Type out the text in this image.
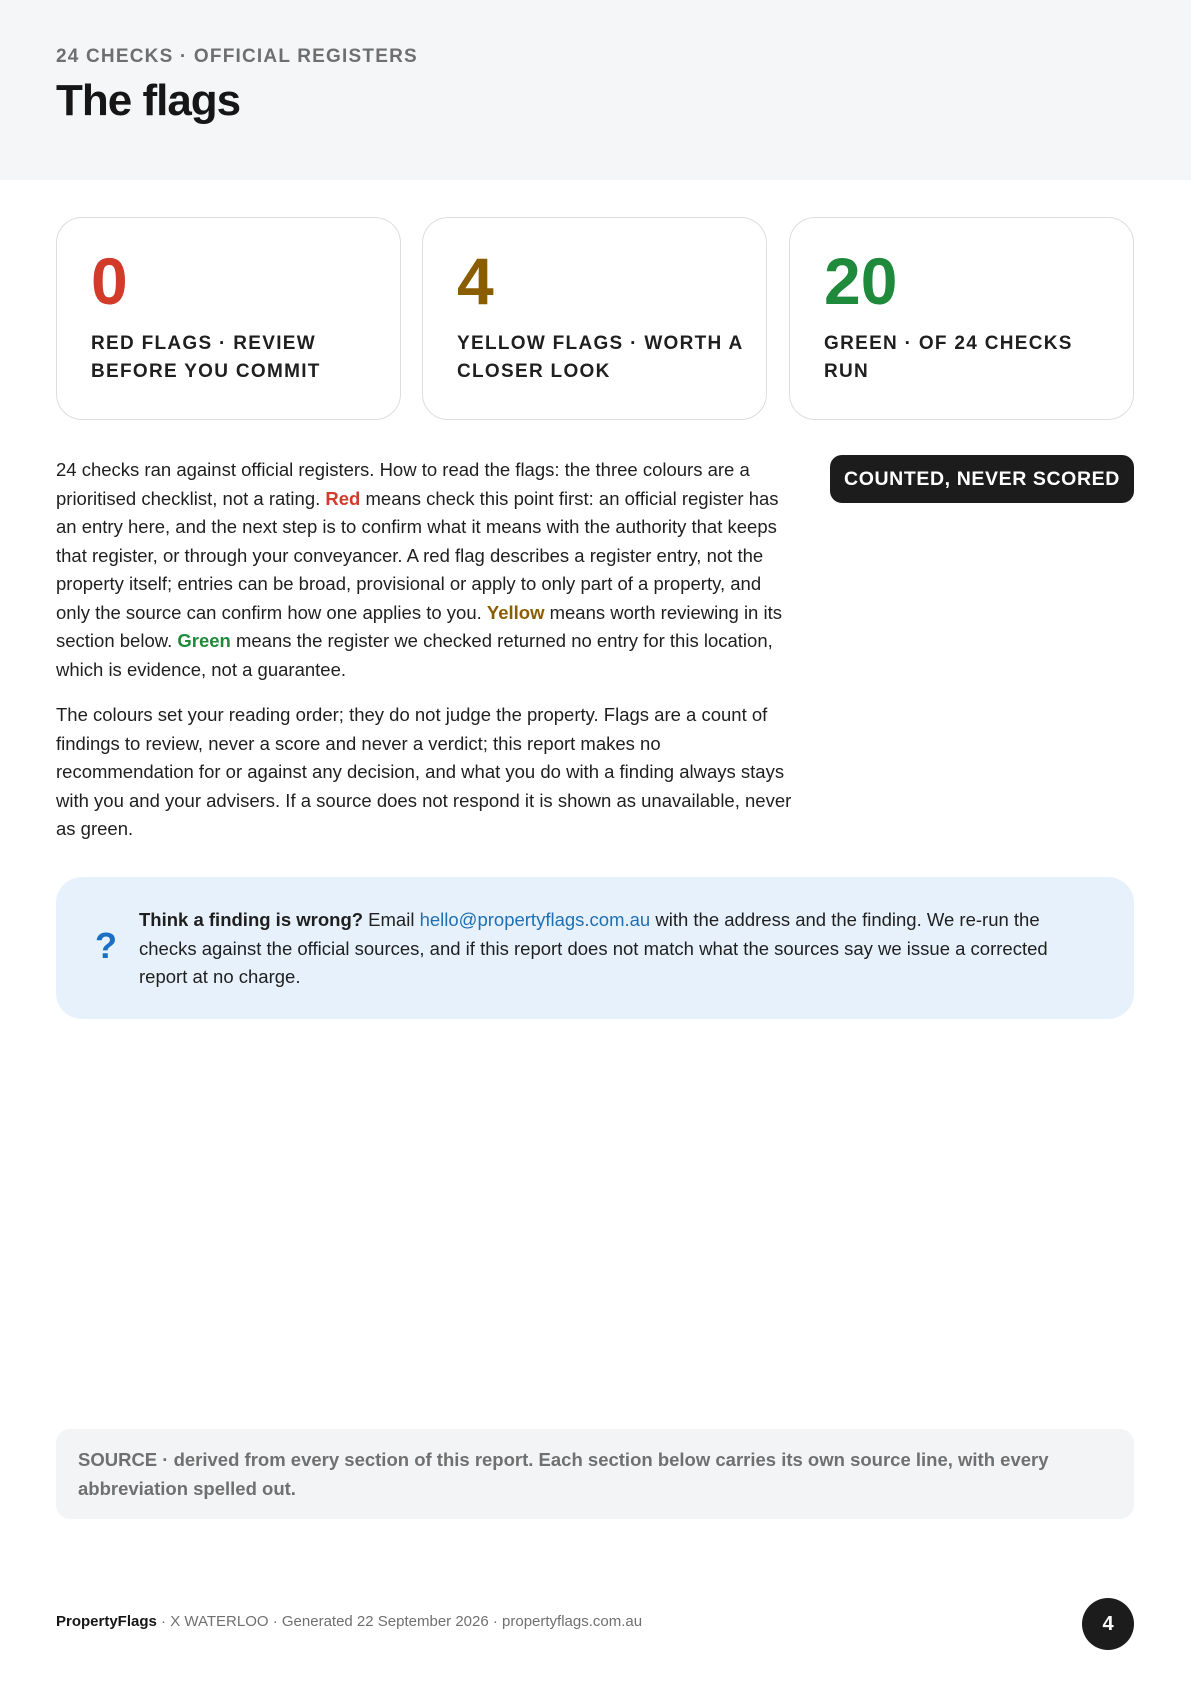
24 CHECKS · OFFICIAL REGISTERS
The flags
0
RED FLAGS · REVIEW BEFORE YOU COMMIT
4
YELLOW FLAGS · WORTH A CLOSER LOOK
20
GREEN · OF 24 CHECKS RUN

24 checks ran against official registers. How to read the flags: the three colours are a prioritised checklist, not a rating. Red means check this point first: an official register has an entry here, and the next step is to confirm what it means with the authority that keeps that register, or through your conveyancer. A red flag describes a register entry, not the property itself; entries can be broad, provisional or apply to only part of a property, and only the source can confirm how one applies to you. Yellow means worth reviewing in its section below. Green means the register we checked returned no entry for this location, which is evidence, not a guarantee.

The colours set your reading order; they do not judge the property. Flags are a count of findings to review, never a score and never a verdict; this report makes no recommendation for or against any decision, and what you do with a finding always stays with you and your advisers. If a source does not respond it is shown as unavailable, never as green.

COUNTED, NEVER SCORED
?
Think a finding is wrong? Email hello@propertyflags.com.au with the address and the finding. We re-run the checks against the official sources, and if this report does not match what the sources say we issue a corrected report at no charge.
SOURCE · derived from every section of this report. Each section below carries its own source line, with every abbreviation spelled out.
PropertyFlags · X WATERLOO · Generated 22 September 2026 · propertyflags.com.au	4
